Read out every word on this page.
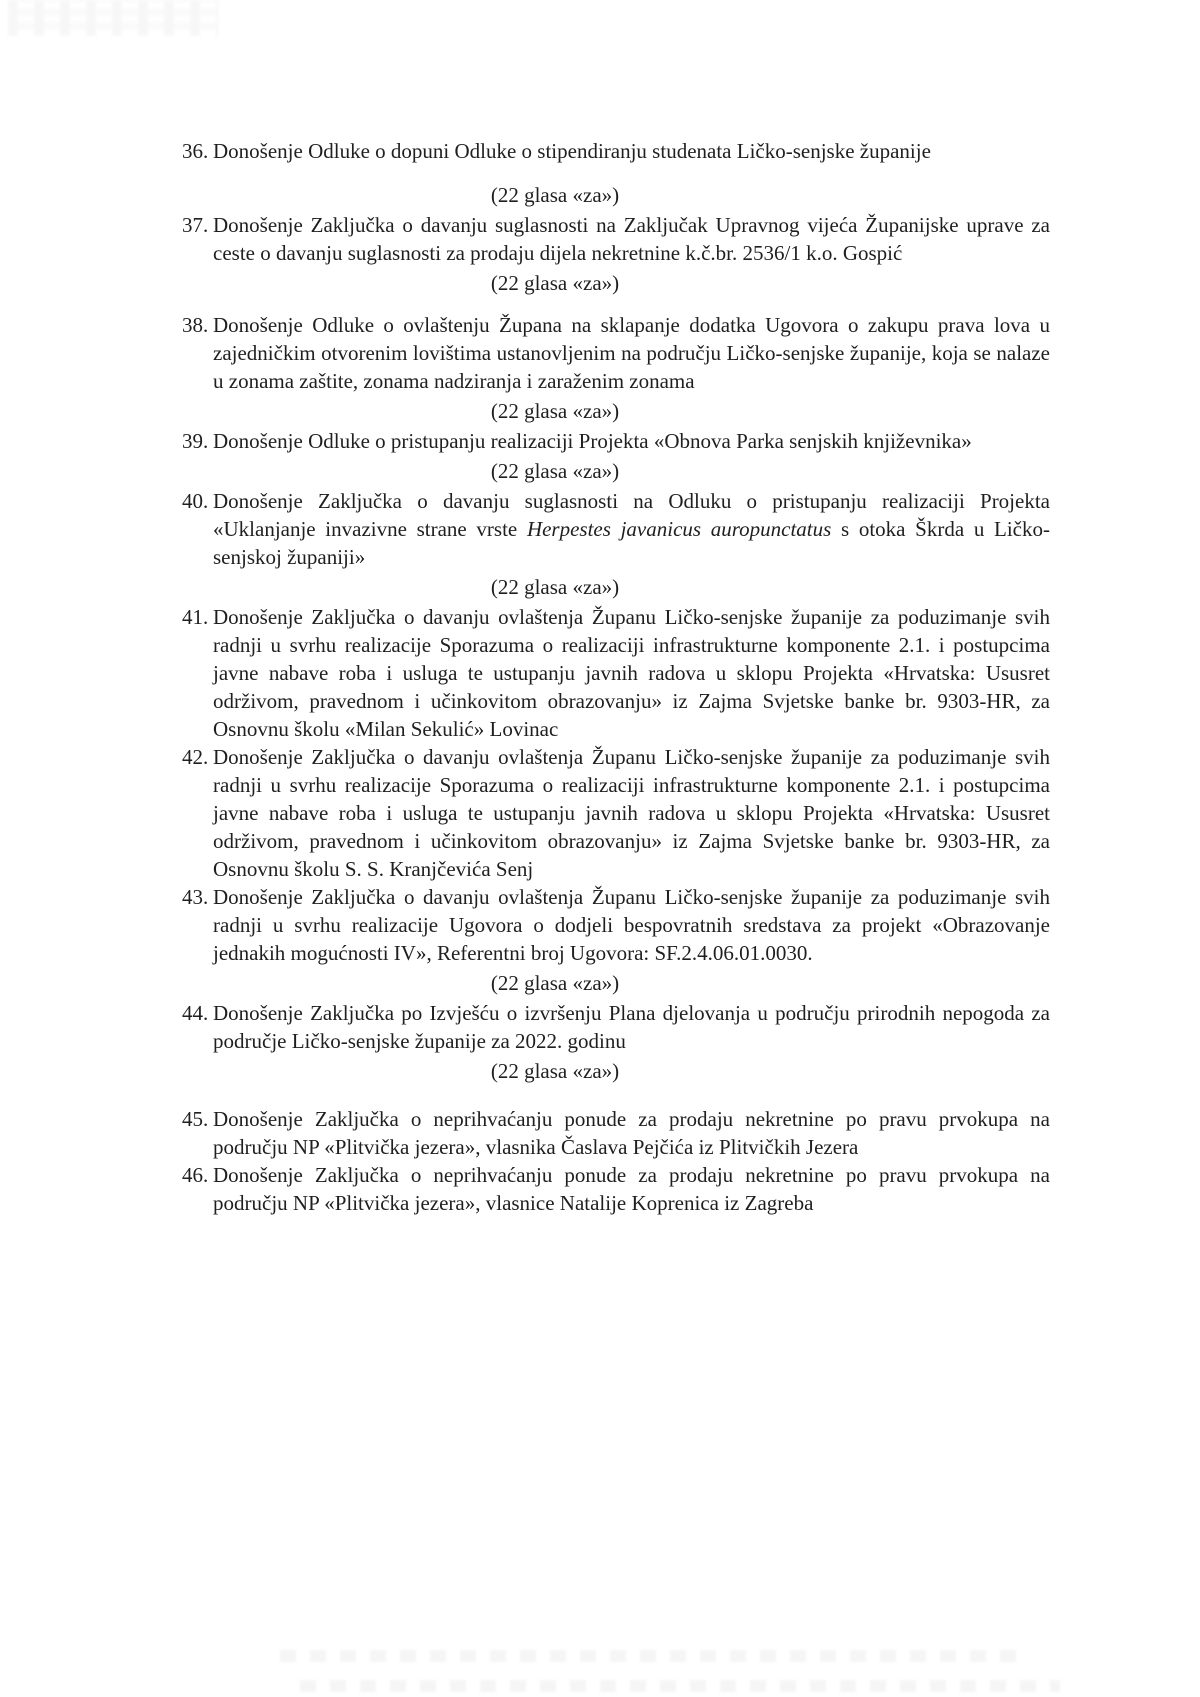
36. Donošenje Odluke o dopuni Odluke o stipendiranju studenata Ličko-senjske županije
(22 glasa «za»)
37. Donošenje Zaključka o davanju suglasnosti na Zaključak Upravnog vijeća Županijske uprave za ceste o davanju suglasnosti za prodaju dijela nekretnine k.č.br. 2536/1 k.o. Gospić
(22 glasa «za»)
38. Donošenje Odluke o ovlaštenju Župana na sklapanje dodatka Ugovora o zakupu prava lova u zajedničkim otvorenim lovištima ustanovljenim na području Ličko-senjske županije, koja se nalaze u zonama zaštite, zonama nadziranja i zaraženim zonama
(22 glasa «za»)
39. Donošenje Odluke o pristupanju realizaciji Projekta «Obnova Parka senjskih književnika»
(22 glasa «za»)
40. Donošenje Zaključka o davanju suglasnosti na Odluku o pristupanju realizaciji Projekta «Uklanjanje invazivne strane vrste Herpestes javanicus auropunctatus s otoka Škrda u Ličko-senjskoj županiji»
(22 glasa «za»)
41. Donošenje Zaključka o davanju ovlaštenja Županu Ličko-senjske županije za poduzimanje svih radnji u svrhu realizacije Sporazuma o realizaciji infrastrukturne komponente 2.1. i postupcima javne nabave roba i usluga te ustupanju javnih radova u sklopu Projekta «Hrvatska: Ususret održivom, pravednom i učinkovitom obrazovanju» iz Zajma Svjetske banke br. 9303-HR, za Osnovnu školu «Milan Sekulić» Lovinac
42. Donošenje Zaključka o davanju ovlaštenja Županu Ličko-senjske županije za poduzimanje svih radnji u svrhu realizacije Sporazuma o realizaciji infrastrukturne komponente 2.1. i postupcima javne nabave roba i usluga te ustupanju javnih radova u sklopu Projekta «Hrvatska: Ususret održivom, pravednom i učinkovitom obrazovanju» iz Zajma Svjetske banke br. 9303-HR, za Osnovnu školu S. S. Kranjčevića Senj
43. Donošenje Zaključka o davanju ovlaštenja Županu Ličko-senjske županije za poduzimanje svih radnji u svrhu realizacije Ugovora o dodjeli bespovratnih sredstava za projekt «Obrazovanje jednakih mogućnosti IV», Referentni broj Ugovora: SF.2.4.06.01.0030.
(22 glasa «za»)
44. Donošenje Zaključka po Izvješću o izvršenju Plana djelovanja u području prirodnih nepogoda za područje Ličko-senjske županije za 2022. godinu
(22 glasa «za»)
45. Donošenje Zaključka o neprihvaćanju ponude za prodaju nekretnine po pravu prvokupa na području NP «Plitvička jezera», vlasnika Časlava Pejčića iz Plitvičkih Jezera
46. Donošenje Zaključka o neprihvaćanju ponude za prodaju nekretnine po pravu prvokupa na području NP «Plitvička jezera», vlasnice Natalije Koprenica iz Zagreba
